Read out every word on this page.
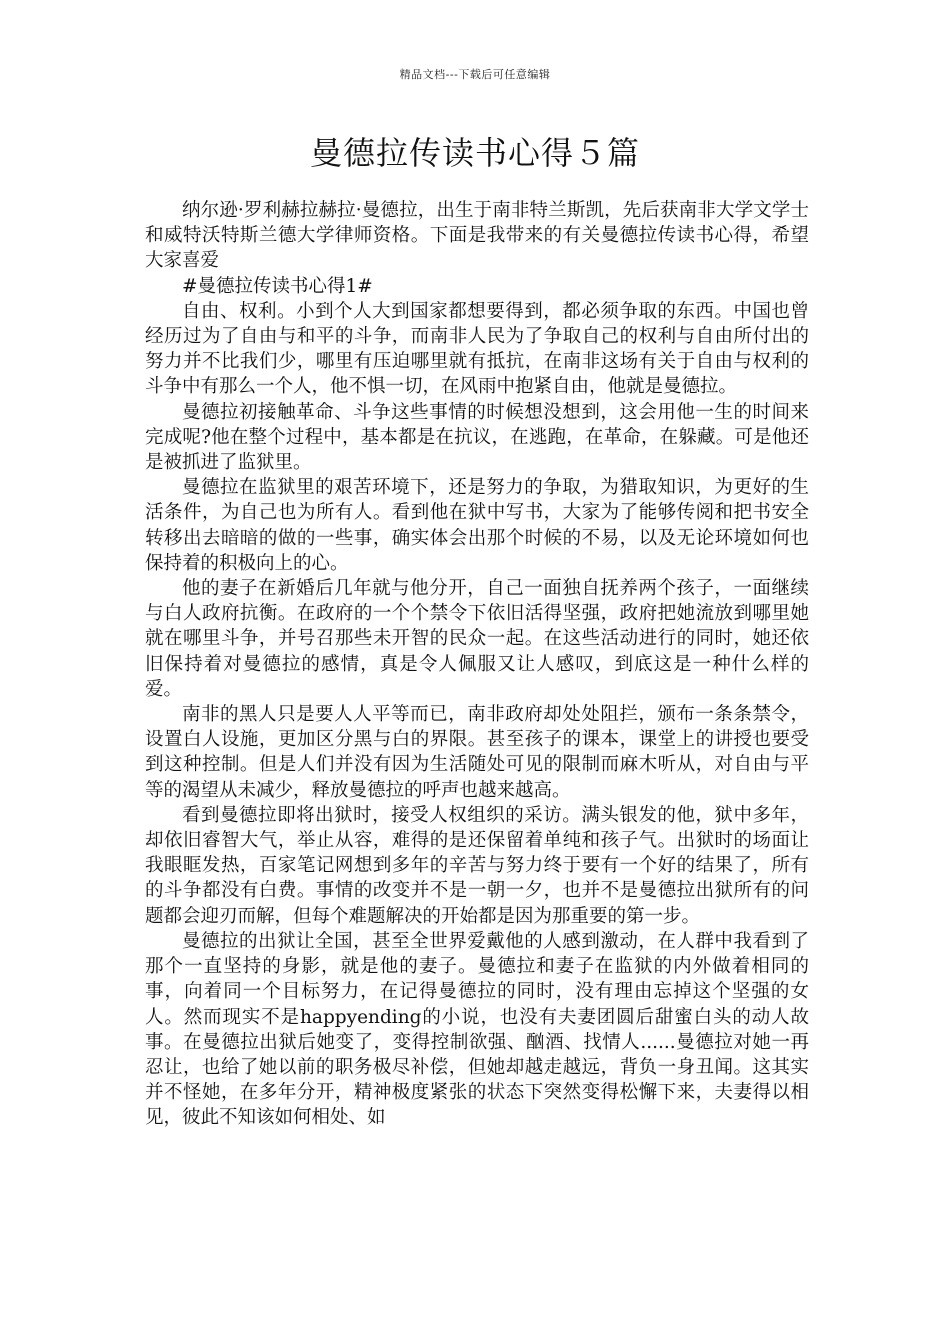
精品文档---下载后可任意编辑
曼德拉传读书心得５篇

纳尔逊·罗利赫拉赫拉·曼德拉，出生于南非特兰斯凯，先后获南非大学文学士和威特沃特斯兰德大学律师资格。下面是我带来的有关曼德拉传读书心得，希望大家喜爱

#曼德拉传读书心得1#

自由、权利。小到个人大到国家都想要得到，都必须争取的东西。中国也曾经历过为了自由与和平的斗争，而南非人民为了争取自己的权利与自由所付出的努力并不比我们少，哪里有压迫哪里就有抵抗，在南非这场有关于自由与权利的斗争中有那么一个人，他不惧一切，在风雨中抱紧自由，他就是曼德拉。

曼德拉初接触革命、斗争这些事情的时候想没想到，这会用他一生的时间来完成呢?他在整个过程中，基本都是在抗议，在逃跑，在革命，在躲藏。可是他还是被抓进了监狱里。

曼德拉在监狱里的艰苦环境下，还是努力的争取，为猎取知识，为更好的生活条件，为自己也为所有人。看到他在狱中写书，大家为了能够传阅和把书安全转移出去暗暗的做的一些事，确实体会出那个时候的不易，以及无论环境如何也保持着的积极向上的心。

他的妻子在新婚后几年就与他分开，自己一面独自抚养两个孩子，一面继续与白人政府抗衡。在政府的一个个禁令下依旧活得坚强，政府把她流放到哪里她就在哪里斗争，并号召那些未开智的民众一起。在这些活动进行的同时，她还依旧保持着对曼德拉的感情，真是令人佩服又让人感叹，到底这是一种什么样的爱。

南非的黑人只是要人人平等而已，南非政府却处处阻拦，颁布一条条禁令，设置白人设施，更加区分黑与白的界限。甚至孩子的课本，课堂上的讲授也要受到这种控制。但是人们并没有因为生活随处可见的限制而麻木听从，对自由与平等的渴望从未减少，释放曼德拉的呼声也越来越高。

看到曼德拉即将出狱时，接受人权组织的采访。满头银发的他，狱中多年，却依旧睿智大气，举止从容，难得的是还保留着单纯和孩子气。出狱时的场面让我眼眶发热，百家笔记网想到多年的辛苦与努力终于要有一个好的结果了，所有的斗争都没有白费。事情的改变并不是一朝一夕，也并不是曼德拉出狱所有的问题都会迎刃而解，但每个难题解决的开始都是因为那重要的第一步。

曼德拉的出狱让全国，甚至全世界爱戴他的人感到激动，在人群中我看到了那个一直坚持的身影，就是他的妻子。曼德拉和妻子在监狱的内外做着相同的事，向着同一个目标努力，在记得曼德拉的同时，没有理由忘掉这个坚强的女人。然而现实不是happyending的小说，也没有夫妻团圆后甜蜜白头的动人故事。在曼德拉出狱后她变了，变得控制欲强、酗酒、找情人......曼德拉对她一再忍让，也给了她以前的职务极尽补偿，但她却越走越远，背负一身丑闻。这其实并不怪她，在多年分开，精神极度紧张的状态下突然变得松懈下来，夫妻得以相见，彼此不知该如何相处、如
